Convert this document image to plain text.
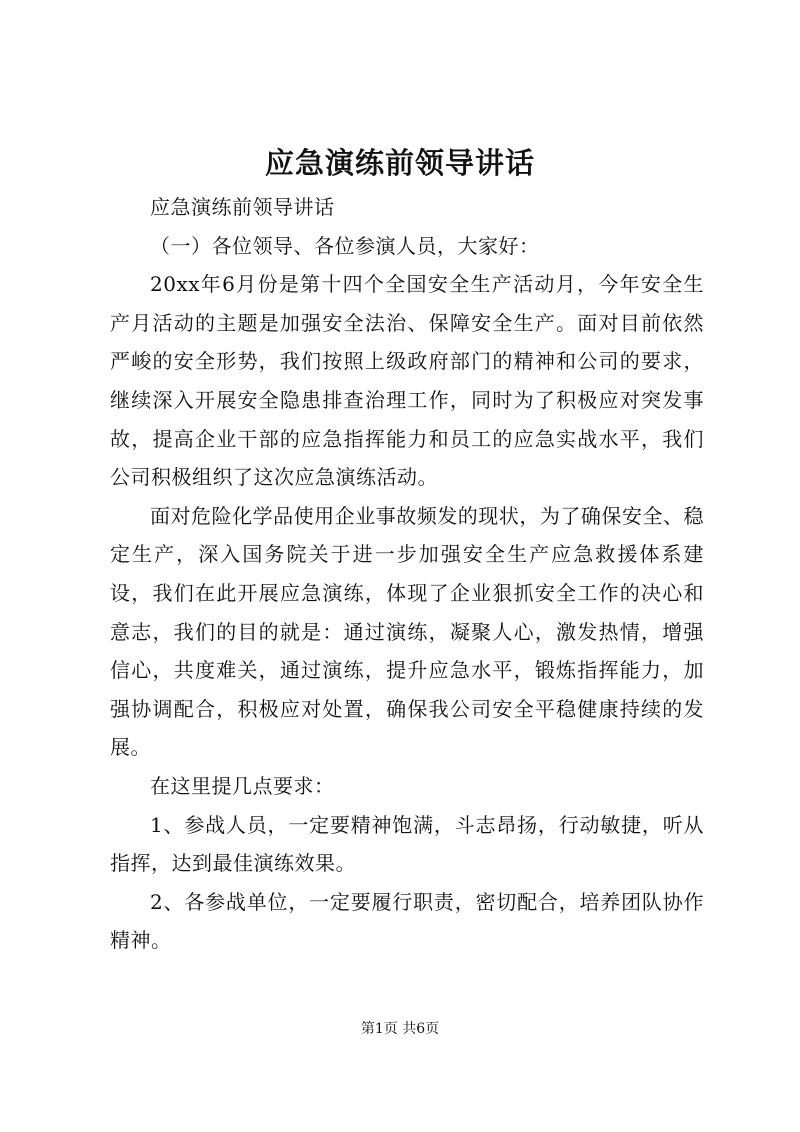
应急演练前领导讲话

应急演练前领导讲话

（一）各位领导、各位参演人员，大家好：

20xx年6月份是第十四个全国安全生产活动月，今年安全生产月活动的主题是加强安全法治、保障安全生产。面对目前依然严峻的安全形势，我们按照上级政府部门的精神和公司的要求，继续深入开展安全隐患排查治理工作，同时为了积极应对突发事故，提高企业干部的应急指挥能力和员工的应急实战水平，我们公司积极组织了这次应急演练活动。

面对危险化学品使用企业事故频发的现状，为了确保安全、稳定生产，深入国务院关于进一步加强安全生产应急救援体系建设，我们在此开展应急演练，体现了企业狠抓安全工作的决心和意志，我们的目的就是：通过演练，凝聚人心，激发热情，增强信心，共度难关，通过演练，提升应急水平，锻炼指挥能力，加强协调配合，积极应对处置，确保我公司安全平稳健康持续的发展。

在这里提几点要求：

1、参战人员，一定要精神饱满，斗志昂扬，行动敏捷，听从指挥，达到最佳演练效果。

2、各参战单位，一定要履行职责，密切配合，培养团队协作精神。

第1页 共6页
